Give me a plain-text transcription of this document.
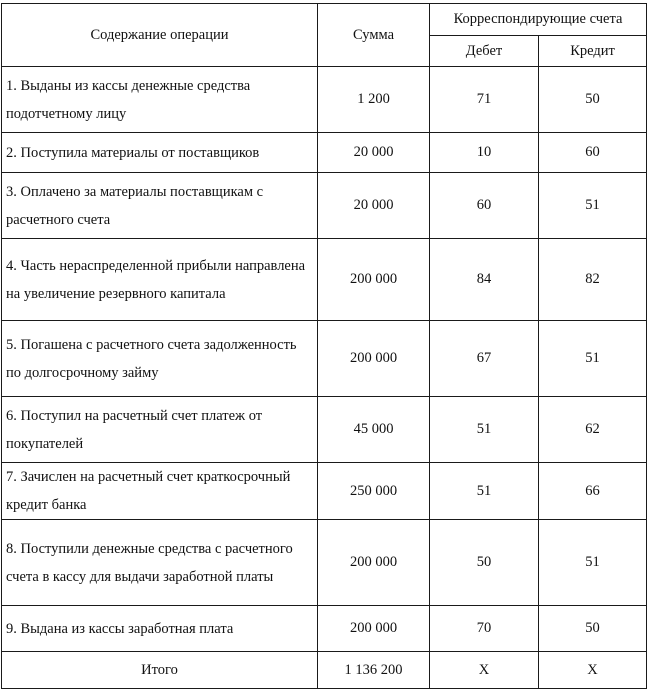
Содержание операции	Сумма	Корреспондирующие счета	
		Дебет	Кредит
1. Выданы из кассы денежные средства подотчетному лицу	1 200	71	50
2. Поступила материалы от поставщиков	20 000	10	60
3. Оплачено за материалы поставщикам с расчетного счета	20 000	60	51
4. Часть нераспределенной прибыли направлена на увеличение резервного капитала	200 000	84	82
5. Погашена с расчетного счета задолженность по долгосрочному займу	200 000	67	51
6. Поступил на расчетный счет платеж от покупателей	45 000	51	62
7. Зачислен на расчетный счет краткосрочный кредит банка	250 000	51	66
8. Поступили денежные средства с расчетного счета в кассу для выдачи заработной платы	200 000	50	51
9. Выдана из кассы заработная плата	200 000	70	50
Итого	1 136 200	Х	Х
